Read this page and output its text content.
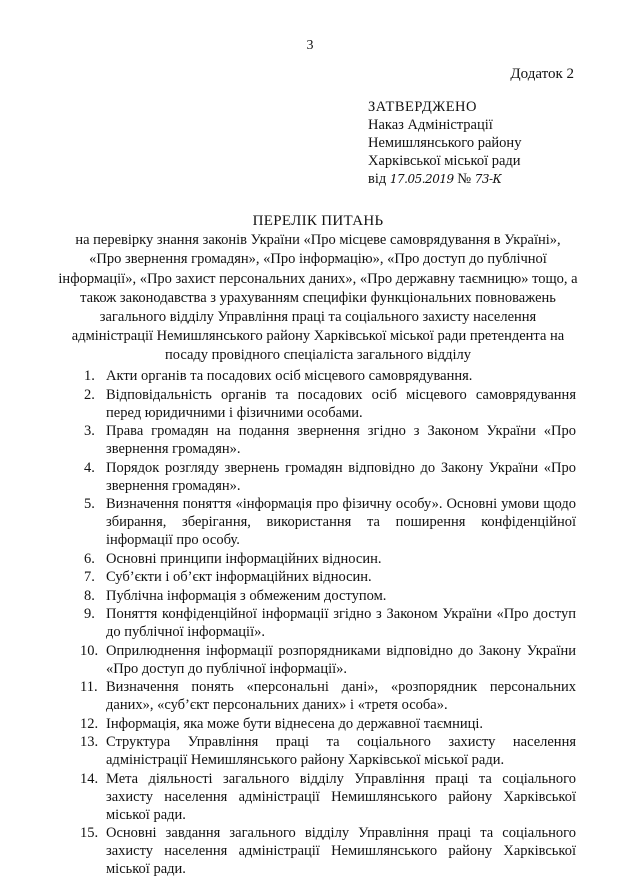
3
Додаток 2
ЗАТВЕРДЖЕНО
Наказ Адміністрації
Немишлянського району
Харківської міської ради
від 17.05.2019 № 73-К
ПЕРЕЛІК ПИТАНЬ
на перевірку знання законів України «Про місцеве самоврядування в Україні»,
«Про звернення громадян», «Про інформацію», «Про доступ до публічної
інформації», «Про захист персональних даних», «Про державну таємницю» тощо, а
також законодавства з урахуванням специфіки функціональних повноважень
загального відділу Управління праці та соціального захисту населення
адміністрації Немишлянського району Харківської міської ради претендента на
посаду провідного спеціаліста загального відділу
1. Акти органів та посадових осіб місцевого самоврядування.
2. Відповідальність органів та посадових осіб місцевого самоврядування перед юридичними і фізичними особами.
3. Права громадян на подання звернення згідно з Законом України «Про звернення громадян».
4. Порядок розгляду звернень громадян відповідно до Закону України «Про звернення громадян».
5. Визначення поняття «інформація про фізичну особу». Основні умови щодо збирання, зберігання, використання та поширення конфіденційної інформації про особу.
6. Основні принципи інформаційних відносин.
7. Суб’єкти і об’єкт інформаційних відносин.
8. Публічна інформація з обмеженим доступом.
9. Поняття конфіденційної інформації згідно з Законом України «Про доступ до публічної інформації».
10. Оприлюднення інформації розпорядниками відповідно до Закону України «Про доступ до публічної інформації».
11. Визначення понять «персональні дані», «розпорядник персональних даних», «суб’єкт персональних даних» і «третя особа».
12. Інформація, яка може бути віднесена до державної таємниці.
13. Структура Управління праці та соціального захисту населення адміністрації Немишлянського району Харківської міської ради.
14. Мета діяльності загального відділу Управління праці та соціального захисту населення адміністрації Немишлянського району Харківської міської ради.
15. Основні завдання загального відділу Управління праці та соціального захисту населення адміністрації Немишлянського району Харківської міської ради.
